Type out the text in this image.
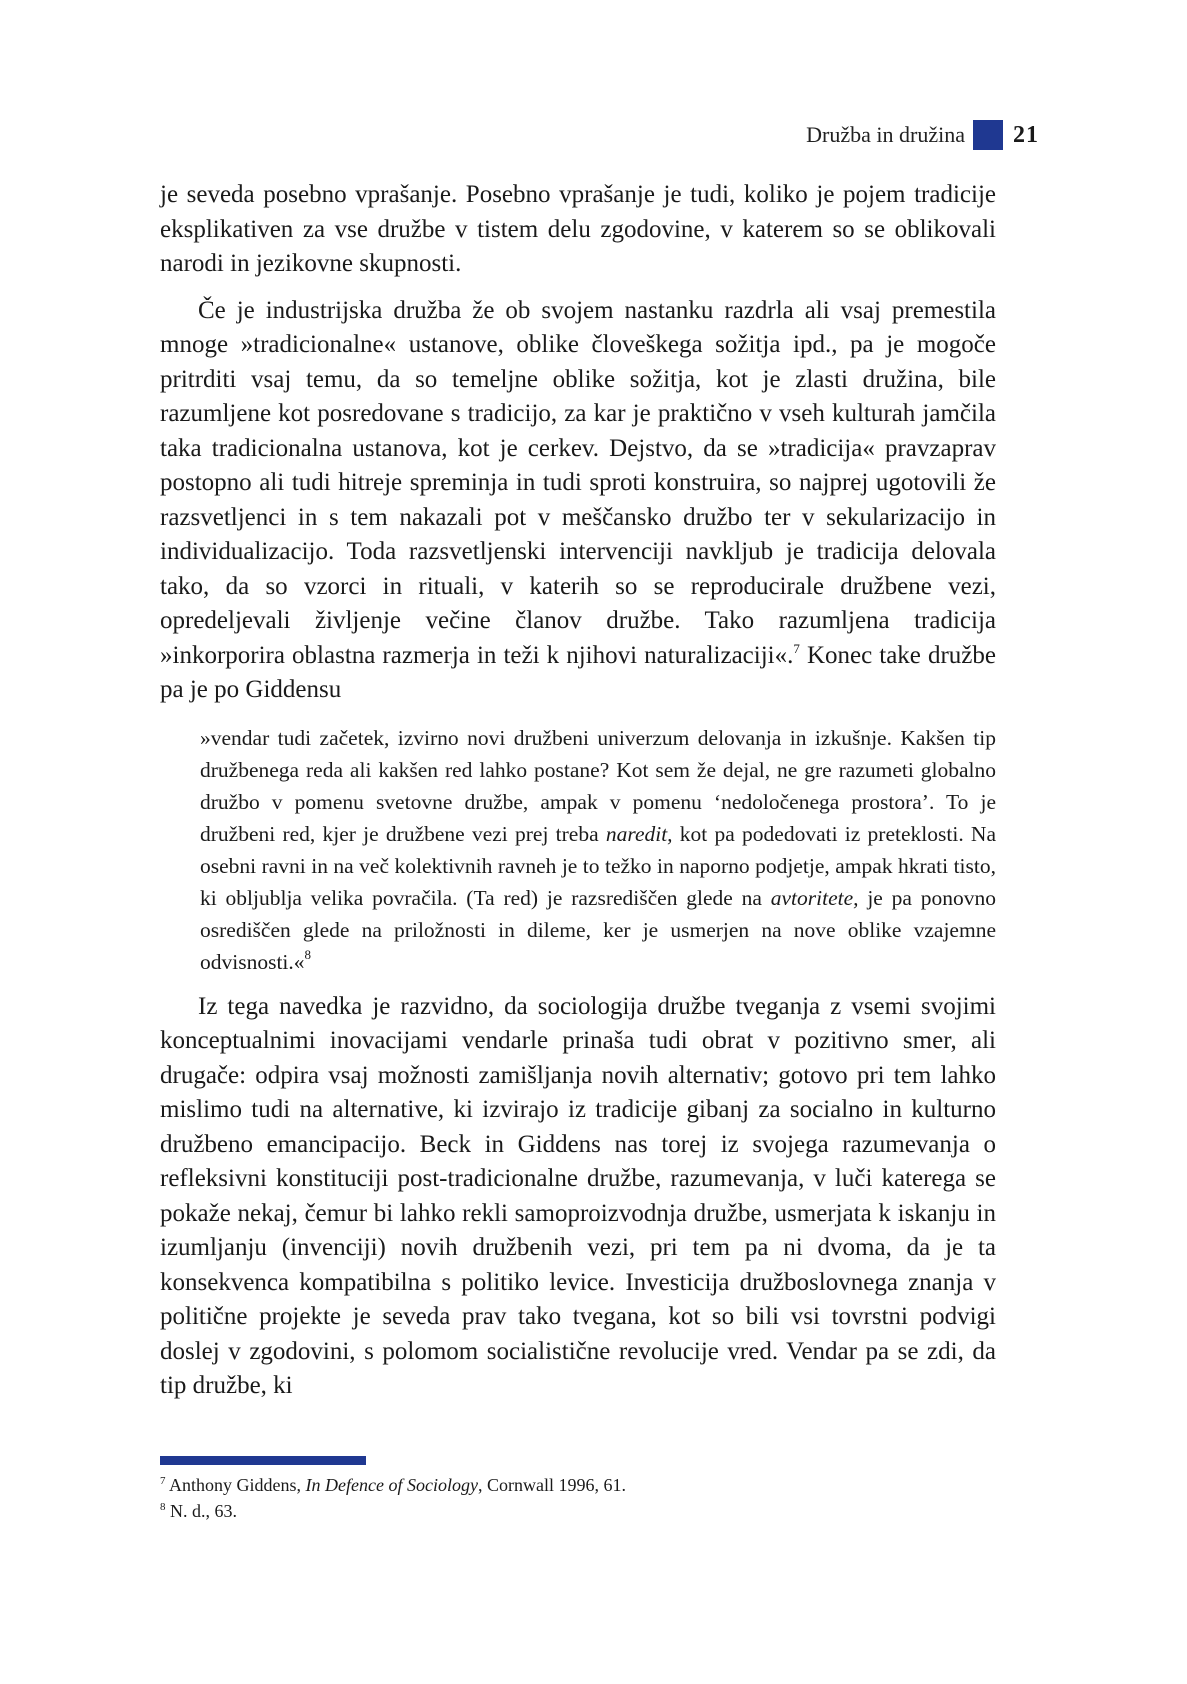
Družba in družina 21

je seveda posebno vprašanje. Posebno vprašanje je tudi, koliko je pojem tradicije eksplikativen za vse družbe v tistem delu zgodovine, v katerem so se oblikovali narodi in jezikovne skupnosti.

Če je industrijska družba že ob svojem nastanku razdrla ali vsaj premestila mnoge »tradicionalne« ustanove, oblike človeškega sožitja ipd., pa je mogoče pritrditi vsaj temu, da so temeljne oblike sožitja, kot je zlasti družina, bile razumljene kot posredovane s tradicijo, za kar je praktično v vseh kulturah jamčila taka tradicionalna ustanova, kot je cerkev. Dejstvo, da se »tradicija« pravzaprav postopno ali tudi hitreje spreminja in tudi sproti konstruira, so najprej ugotovili že razsvetljenci in s tem nakazali pot v meščansko družbo ter v sekularizacijo in individualizacijo. Toda razsvetljenski intervenciji navkljub je tradicija delovala tako, da so vzorci in rituali, v katerih so se reproducirale družbene vezi, opredeljevali življenje večine članov družbe. Tako razumljena tradicija »inkorporira oblastna razmerja in teži k njihovi naturalizaciji«.$^7$ Konec take družbe pa je po Giddensu

»vendar tudi začetek, izvirno novi družbeni univerzum delovanja in izkušnje. Kakšen tip družbenega reda ali kakšen red lahko postane? Kot sem že dejal, ne gre razumeti globalno družbo v pomenu svetovne družbe, ampak v pomenu ‘nedoločenega prostora’. To je družbeni red, kjer je družbene vezi prej treba naredit, kot pa podedovati iz preteklosti. Na osebni ravni in na več kolektivnih ravneh je to težko in naporno podjetje, ampak hkrati tisto, ki obljublja velika povračila. (Ta red) je razsrediščen glede na avtoritete, je pa ponovno osrediščen glede na priložnosti in dileme, ker je usmerjen na nove oblike vzajemne odvisnosti.«$^8$

Iz tega navedka je razvidno, da sociologija družbe tveganja z vsemi svojimi konceptualnimi inovacijami vendarle prinaša tudi obrat v pozitivno smer, ali drugače: odpira vsaj možnosti zamišljanja novih alternativ; gotovo pri tem lahko mislimo tudi na alternative, ki izvirajo iz tradicije gibanj za socialno in kulturno družbeno emancipacijo. Beck in Giddens nas torej iz svojega razumevanja o refleksivni konstituciji post-tradicionalne družbe, razumevanja, v luči katerega se pokaže nekaj, čemur bi lahko rekli samoproizvodnja družbe, usmerjata k iskanju in izumljanju (invenciji) novih družbenih vezi, pri tem pa ni dvoma, da je ta konsekvenca kompatibilna s politiko levice. Investicija družboslovnega znanja v politične projekte je seveda prav tako tvegana, kot so bili vsi tovrstni podvigi doslej v zgodovini, s polomom socialistične revolucije vred. Vendar pa se zdi, da tip družbe, ki

$^7$ Anthony Giddens, In Defence of Sociology, Cornwall 1996, 61.

$^8$ N. d., 63.
